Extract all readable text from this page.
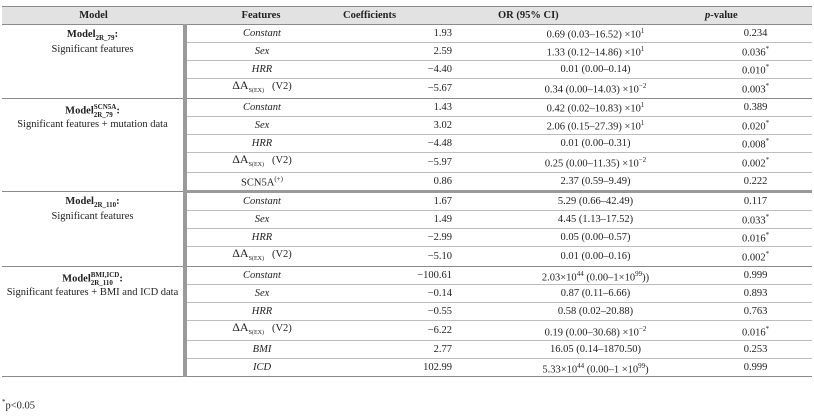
Model	Features	Coefficients	OR (95% CI)	p-value

Model$_{2R\_79}$:
Significant features	Constant	1.93	0.69 $(0.03-16.52) \times 10^1$	0.234
	Sex	2.59	1.33 $(0.12-14.86) \times 10^1$	0.036*
	HRR	−4.40	0.01 (0.00–0.14)	0.010*
	$\Delta A_{S(EX)}$ (V2)	−5.67	0.34 $(0.00-14.03) \times 10^{-2}$	0.003*

Model SCN5A
2R_79 :
Significant features + mutation data	Constant	1.43	0.42 $(0.02-10.83) \times 10^1$	0.389
	Sex	3.02	2.06 $(0.15-27.39) \times 10^1$	0.020*
	HRR	−4.48	0.01 (0.00–0.31)	0.008*
	$\Delta A_{S(EX)}$ (V2)	−5.97	0.25 $(0.00-11.35) \times 10^{-2}$	0.002*
	SCN5A(+)	0.86	2.37 (0.59–9.49)	0.222

Model$_{2R\_110}$:
Significant features	Constant	1.67	5.29 (0.66–42.49)	0.117
	Sex	1.49	4.45 (1.13–17.52)	0.033*
	HRR	−2.99	0.05 (0.00–0.57)	0.016*
	$\Delta A_{S(EX)}$ (V2)	−5.10	0.01 (0.00–0.16)	0.002*

Model BMI,ICD
2R_110 :
Significant features + BMI and ICD data	Constant	−100.61	$2.03\times 10^{44}$ $(0.00-1\times 10^{99})$)	0.999
	Sex	−0.14	0.87 (0.11–6.66)	0.893
	HRR	−0.55	0.58 (0.02–20.88)	0.763
	$\Delta A_{S(EX)}$ (V2)	−6.22	0.19 $(0.00-30.68) \times 10^{-2}$	0.016*
	BMI	2.77	16.05 (0.14–1870.50)	0.253
	ICD	102.99	$5.33\times 10^{44}$ $(0.00-1 \times 10^{99})$	0.999
*p<0.05
